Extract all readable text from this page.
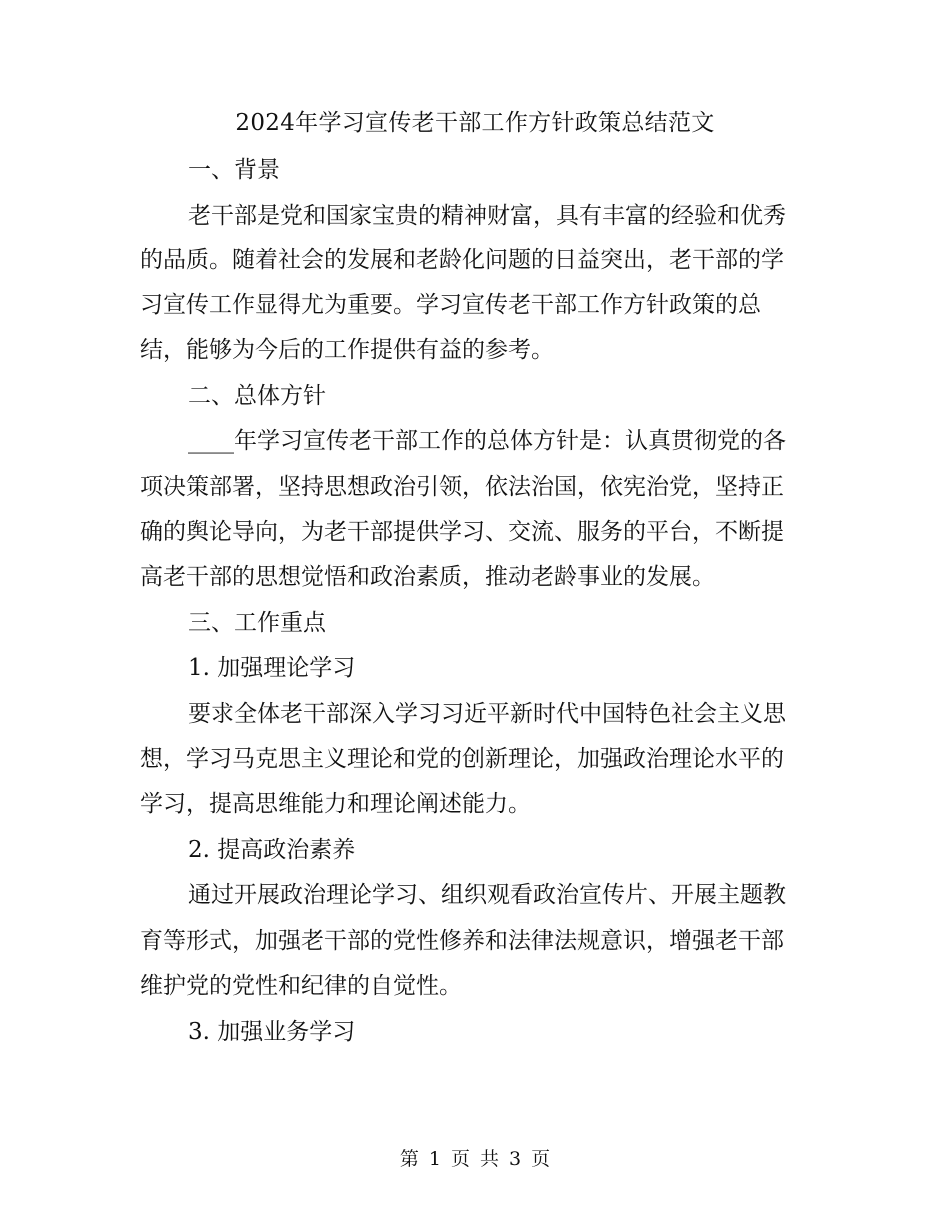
2024年学习宣传老干部工作方针政策总结范文
一、背景
老干部是党和国家宝贵的精神财富，具有丰富的经验和优秀
的品质。随着社会的发展和老龄化问题的日益突出，老干部的学
习宣传工作显得尤为重要。学习宣传老干部工作方针政策的总
结，能够为今后的工作提供有益的参考。
二、总体方针
____年学习宣传老干部工作的总体方针是：认真贯彻党的各
项决策部署，坚持思想政治引领，依法治国，依宪治党，坚持正
确的舆论导向，为老干部提供学习、交流、服务的平台，不断提
高老干部的思想觉悟和政治素质，推动老龄事业的发展。
三、工作重点
1. 加强理论学习
要求全体老干部深入学习习近平新时代中国特色社会主义思
想，学习马克思主义理论和党的创新理论，加强政治理论水平的
学习，提高思维能力和理论阐述能力。
2. 提高政治素养
通过开展政治理论学习、组织观看政治宣传片、开展主题教
育等形式，加强老干部的党性修养和法律法规意识，增强老干部
维护党的党性和纪律的自觉性。
3. 加强业务学习
第 1 页 共 3 页
